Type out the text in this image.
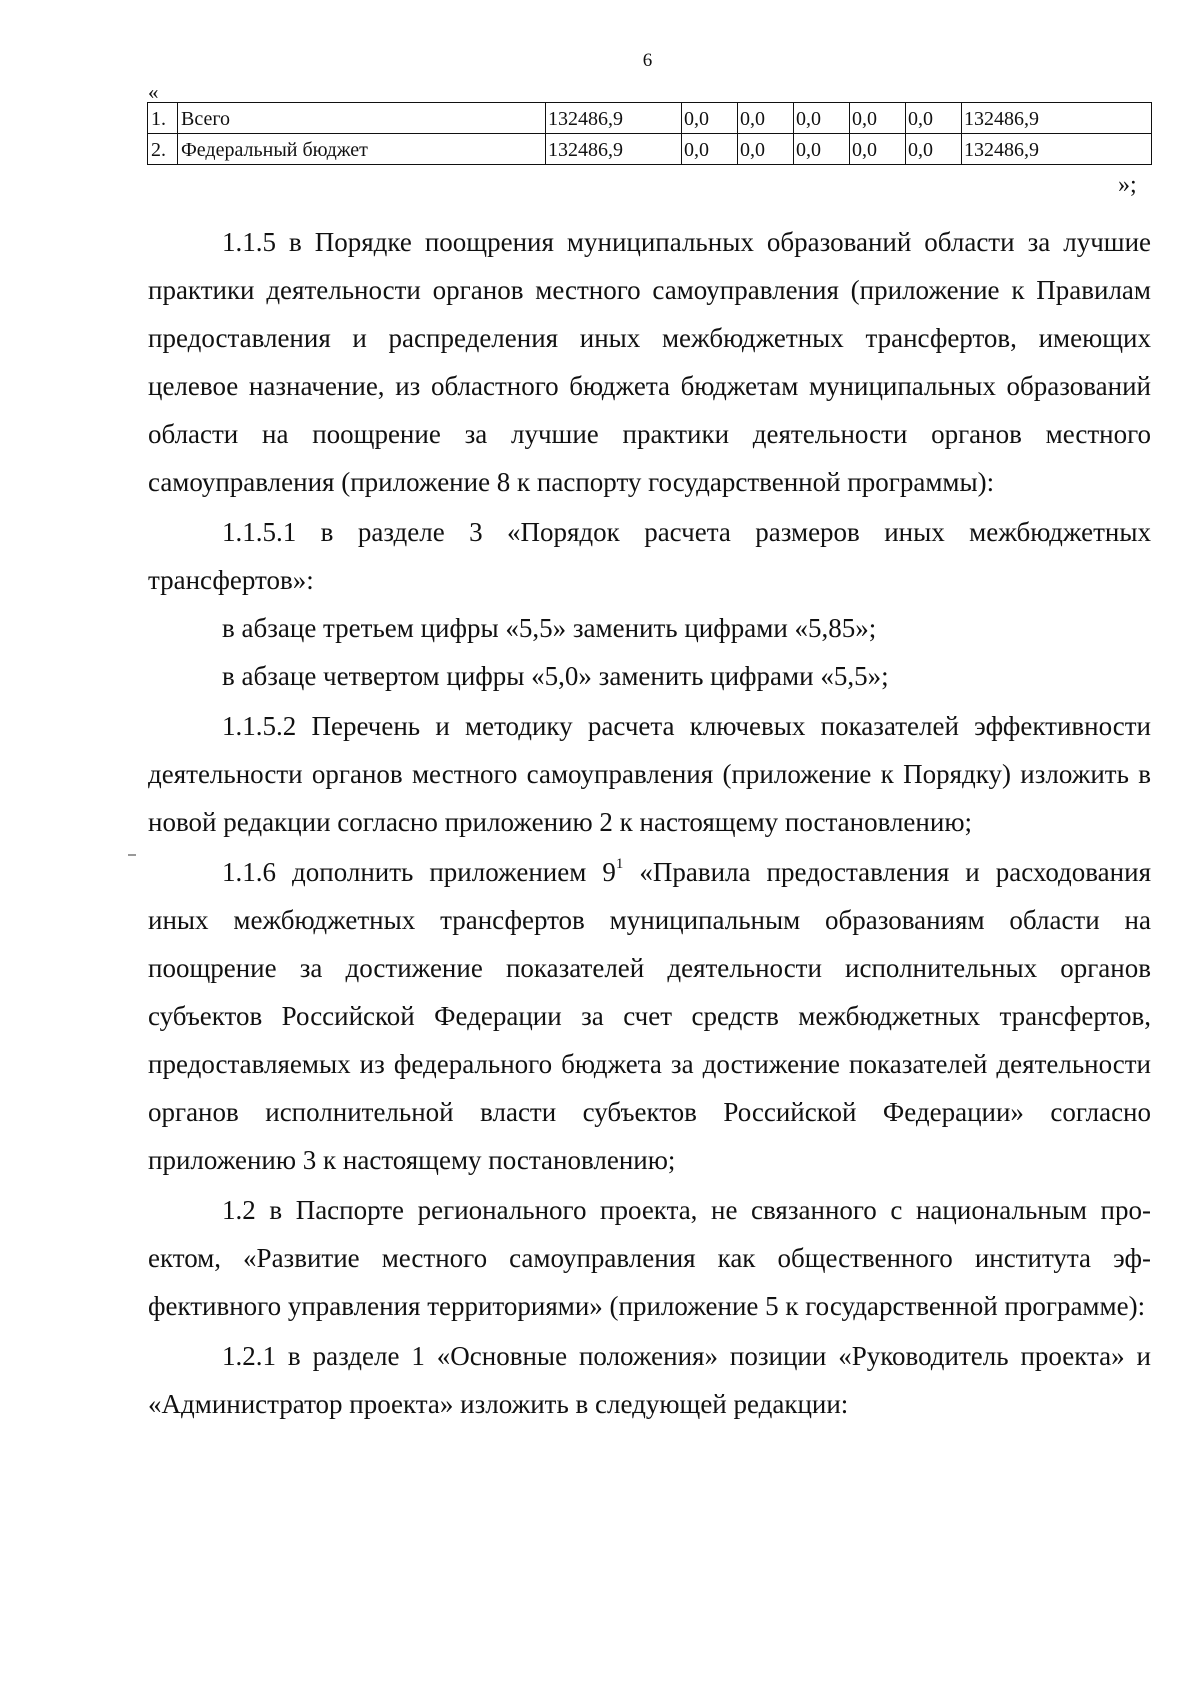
6
«
1.	Всего	132486,9	0,0	0,0	0,0	0,0	0,0	132486,9
2.	Федеральный бюджет	132486,9	0,0	0,0	0,0	0,0	0,0	132486,9
»;

1.1.5 в Порядке поощрения муниципальных образований области за лучшие практики деятельности органов местного самоуправления (приложение к Правилам предоставления и распределения иных межбюджетных трансфертов, имеющих целевое назначение, из областного бюджета бюджетам муниципальных образований области на поощрение за лучшие практики деятельности органов местного самоуправления (приложение 8 к паспорту государственной программы):

1.1.5.1 в разделе 3 «Порядок расчета размеров иных межбюджетных трансфертов»:

в абзаце третьем цифры «5,5» заменить цифрами «5,85»;

в абзаце четвертом цифры «5,0» заменить цифрами «5,5»;

1.1.5.2 Перечень и методику расчета ключевых показателей эффективности деятельности органов местного самоуправления (приложение к Порядку) изложить в новой редакции согласно приложению 2 к настоящему постановлению;

1.1.6 дополнить приложением $9^1$ «Правила предоставления и расходования иных межбюджетных трансфертов муниципальным образованиям области на поощрение за достижение показателей деятельности исполнительных органов субъектов Российской Федерации за счет средств межбюджетных трансфертов, предоставляемых из федерального бюджета за достижение показателей деятельности органов исполнительной власти субъектов Российской Федерации» согласно приложению 3 к настоящему постановлению;

1.2 в Паспорте регионального проекта, не связанного с национальным проектом, «Развитие местного самоуправления как общественного института эффективного управления территориями» (приложение 5 к государственной программе):

1.2.1 в разделе 1 «Основные положения» позиции «Руководитель проекта» и «Администратор проекта» изложить в следующей редакции:
